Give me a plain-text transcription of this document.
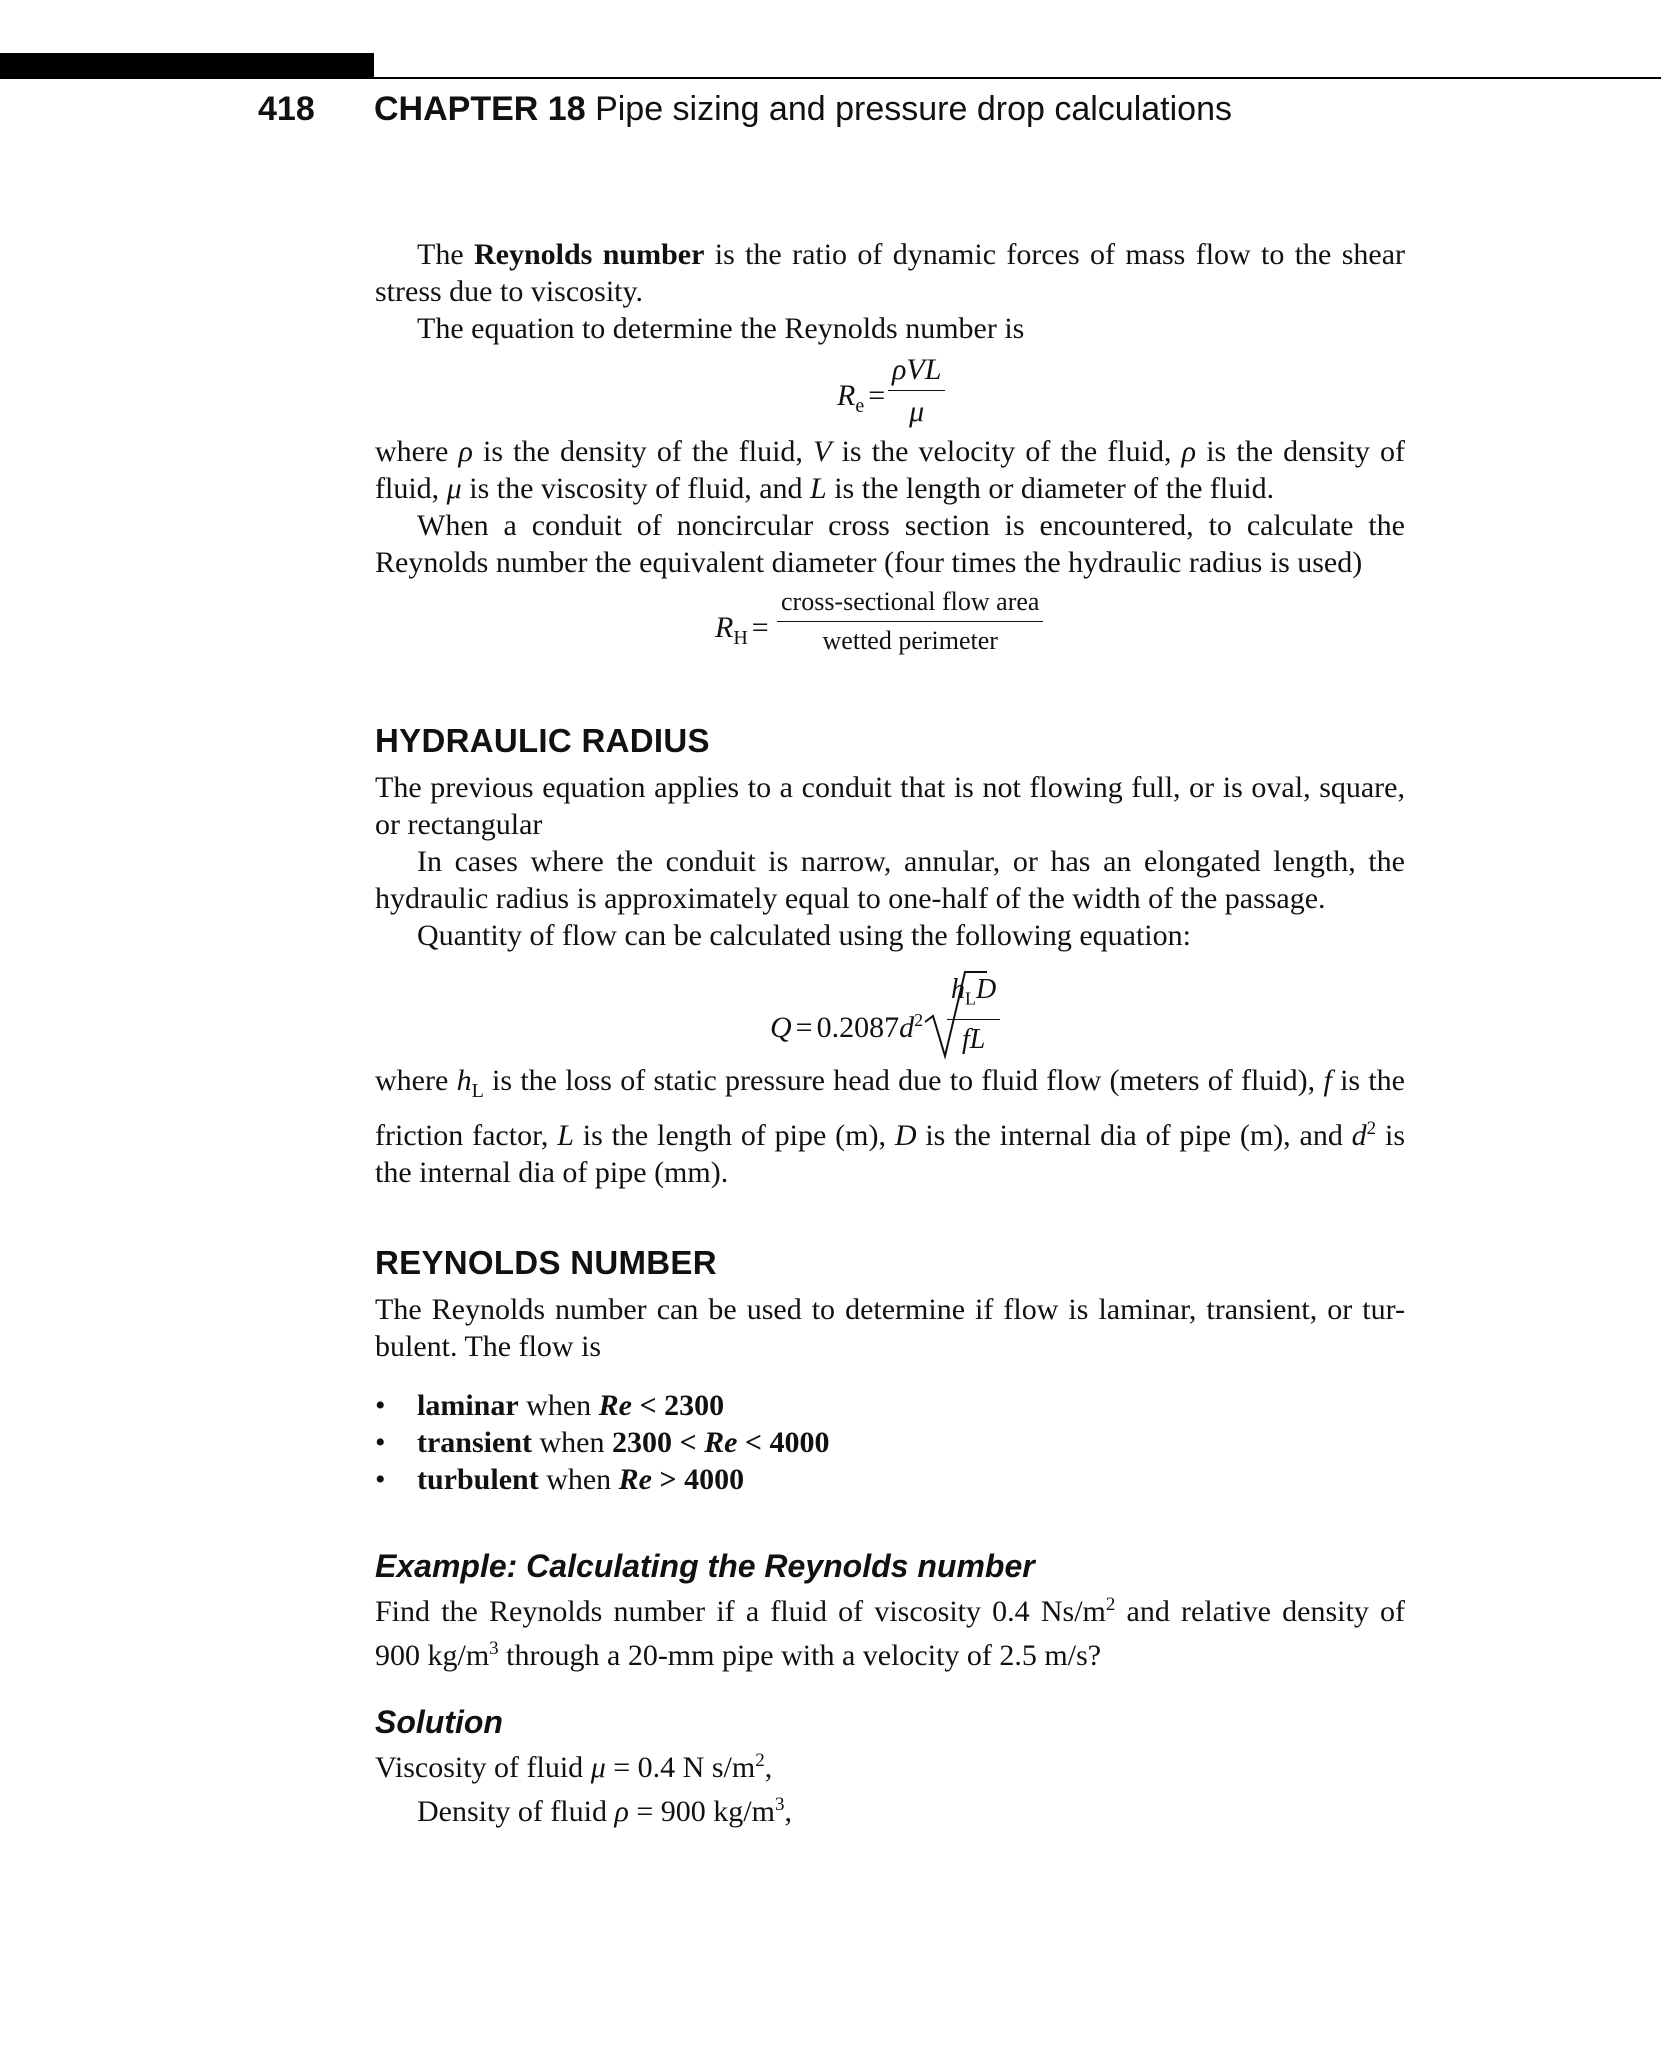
418 CHAPTER 18 Pipe sizing and pressure drop calculations

The Reynolds number is the ratio of dynamic forces of mass flow to the shear stress due to viscosity.

The equation to determine the Reynolds number is

$R_e$ =
ρVL
μ

where ρ is the density of the fluid, V is the velocity of the fluid, ρ is the density of fluid, μ is the viscosity of fluid, and L is the length or diameter of the fluid.

When a conduit of noncircular cross section is encountered, to calculate the Reynolds number the equivalent diameter (four times the hydraulic radius is used)

$R_H$ =
cross-sectional flow area
wetted perimeter
HYDRAULIC RADIUS

The previous equation applies to a conduit that is not flowing full, or is oval, square, or rectangular

In cases where the conduit is narrow, annular, or has an elongated length, the hydraulic radius is approximately equal to one-half of the width of the passage.

Quantity of flow can be calculated using the following equation:

$Q = 0.2087d^2$
$h_LD$
fL

where $h_L$ is the loss of static pressure head due to fluid flow (meters of fluid), f is the friction factor, L is the length of pipe (m), D is the internal dia of pipe (m), and $d^2$ is the internal dia of pipe (mm).

REYNOLDS NUMBER

The Reynolds number can be used to determine if flow is laminar, transient, or tur-bulent. The flow is

• laminar when Re < 2300
• transient when 2300 < Re < 4000
• turbulent when Re > 4000
Example: Calculating the Reynolds number

Find the Reynolds number if a fluid of viscosity 0.4 $Ns/m^2$ and relative density of 900 $kg/m^3$ through a 20-mm pipe with a velocity of 2.5 m/s?

Solution

Viscosity of fluid μ = 0.4 N $s/m^2$,

Density of fluid ρ = 900 $kg/m^3$,
